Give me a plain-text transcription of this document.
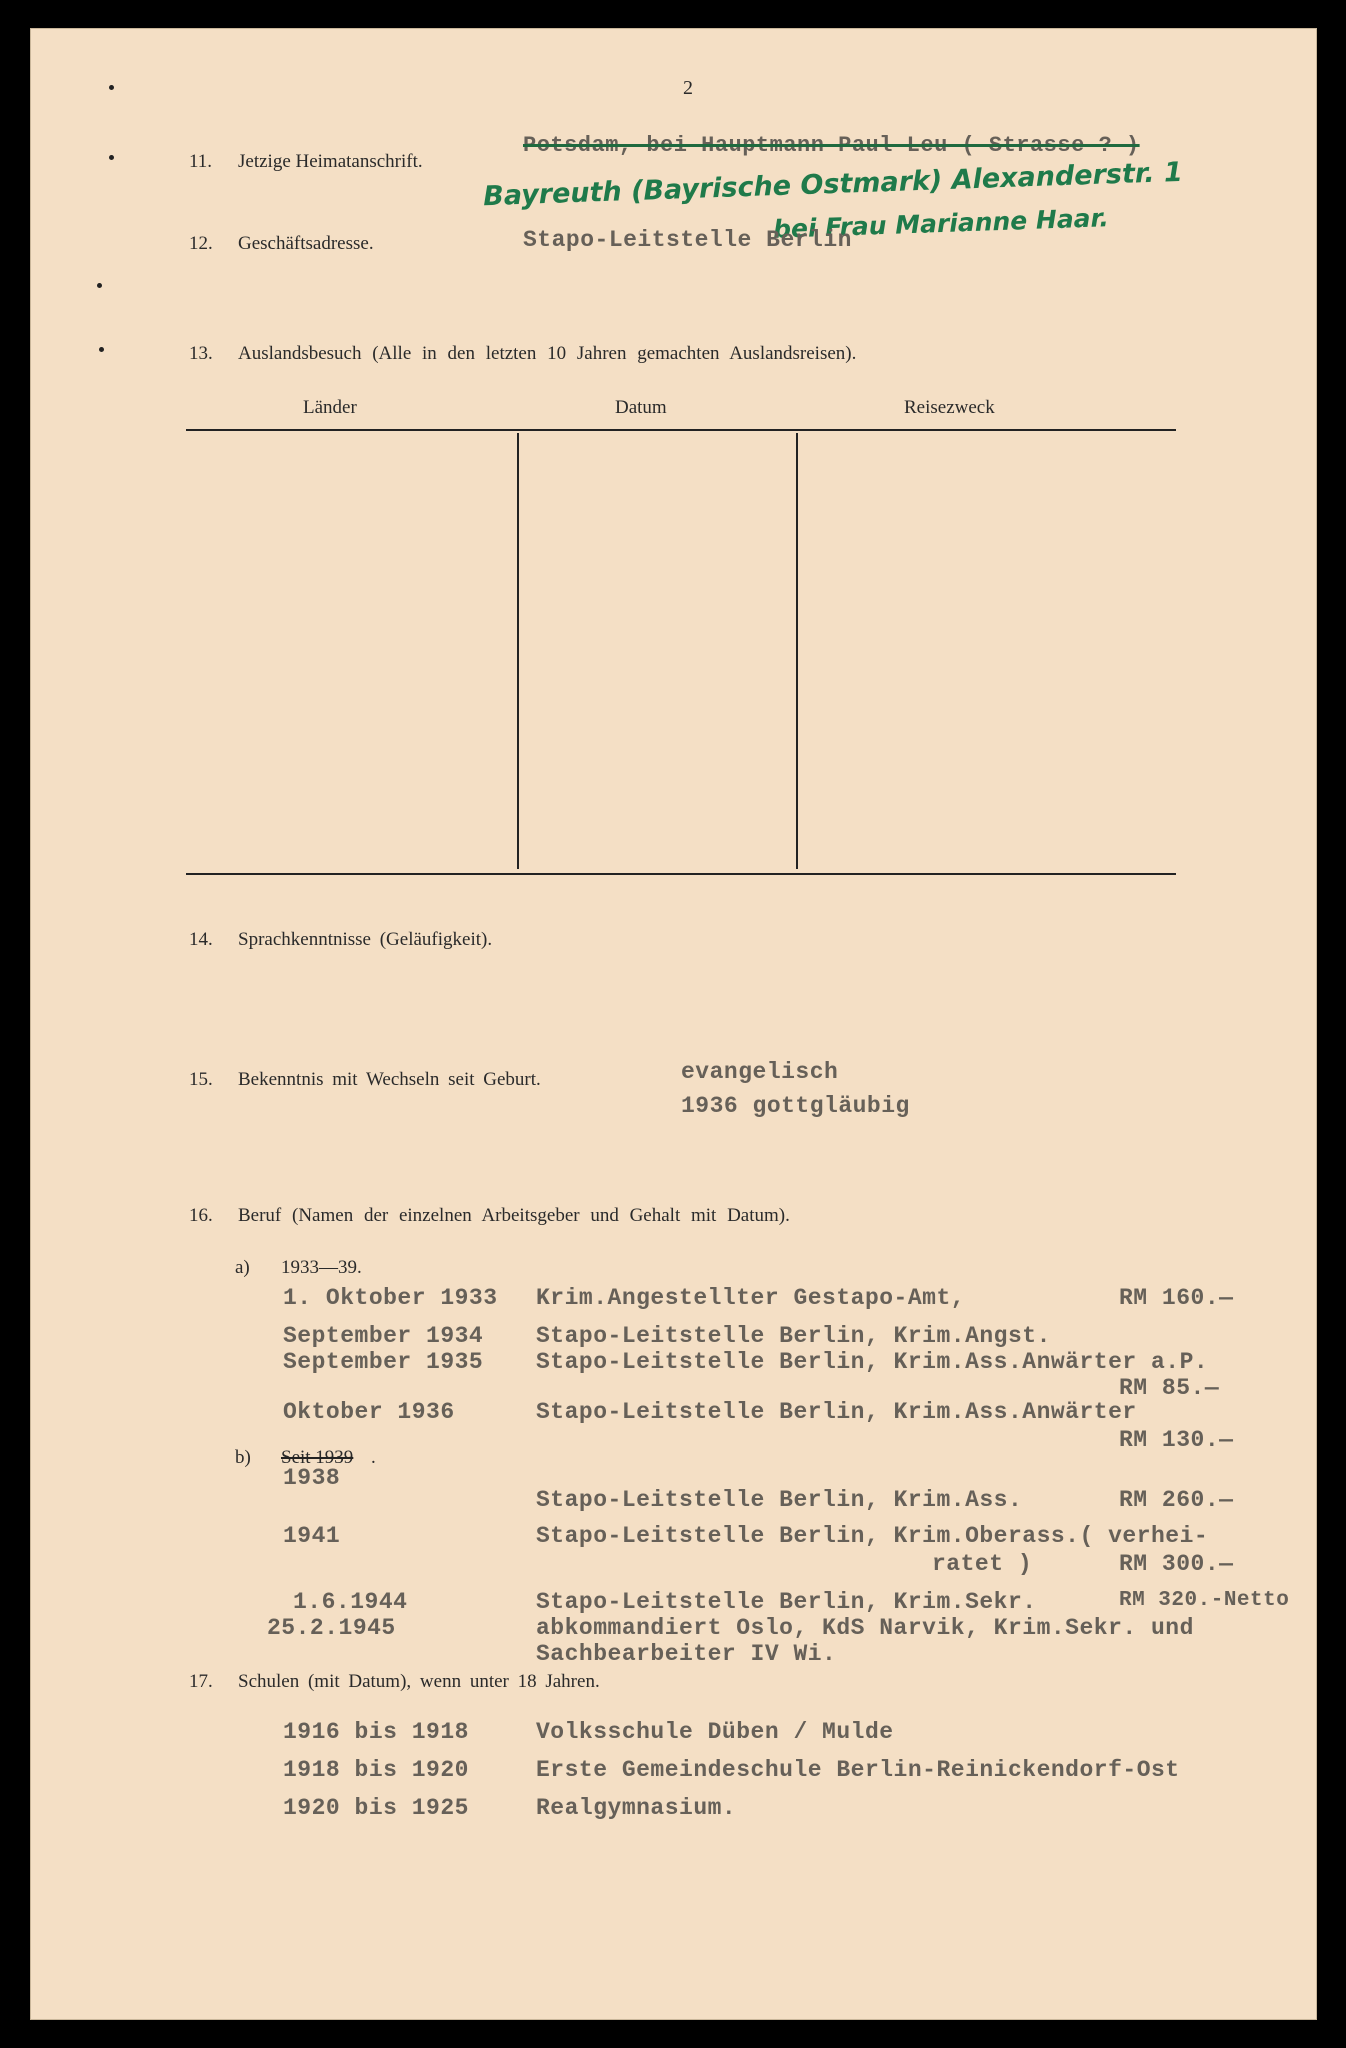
2
11. Jetzige Heimatanschrift.
Potsdam, bei Hauptmann Paul Leu ( Strasse ? )
Bayreuth (Bayrische Ostmark) Alexanderstr. 1
bei Frau Marianne Haar.
12. Geschäftsadresse.	Stapo-Leitstelle Berlin
13. Auslandsbesuch (Alle in den letzten 10 Jahren gemachten Auslandsreisen).
Länder	Datum	Reisezweck
14. Sprachkenntnisse (Geläufigkeit).
15. Bekenntnis mit Wechseln seit Geburt.	evangelisch
1936 gottgläubig
16. Beruf (Namen der einzelnen Arbeitsgeber und Gehalt mit Datum).
a) 1933—39.
1. Oktober 1933 Krim.Angestellter Gestapo-Amt,	RM 160.—
September 1934 Stapo-Leitstelle Berlin, Krim.Angst.
September 1935 Stapo-Leitstelle Berlin, Krim.Ass.Anwärter a.P.
RM 85.—
Oktober 1936	Stapo-Leitstelle Berlin, Krim.Ass.Anwärter
RM 130.—
b) Seit 1939 .
1938
Stapo-Leitstelle Berlin, Krim.Ass.	RM 260.—
1941	Stapo-Leitstelle Berlin, Krim.Oberass.( verhei-
ratet )	RM 300.—
1.6.1944	Stapo-Leitstelle Berlin, Krim.Sekr.	RM 320.-Netto
25.2.1945	abkommandiert Oslo, KdS Narvik, Krim.Sekr. und
Sachbearbeiter IV Wi.
17. Schulen (mit Datum), wenn unter 18 Jahren.
1916 bis 1918	Volksschule Düben / Mulde
1918 bis 1920	Erste Gemeindeschule Berlin-Reinickendorf-Ost
1920 bis 1925	Realgymnasium.
